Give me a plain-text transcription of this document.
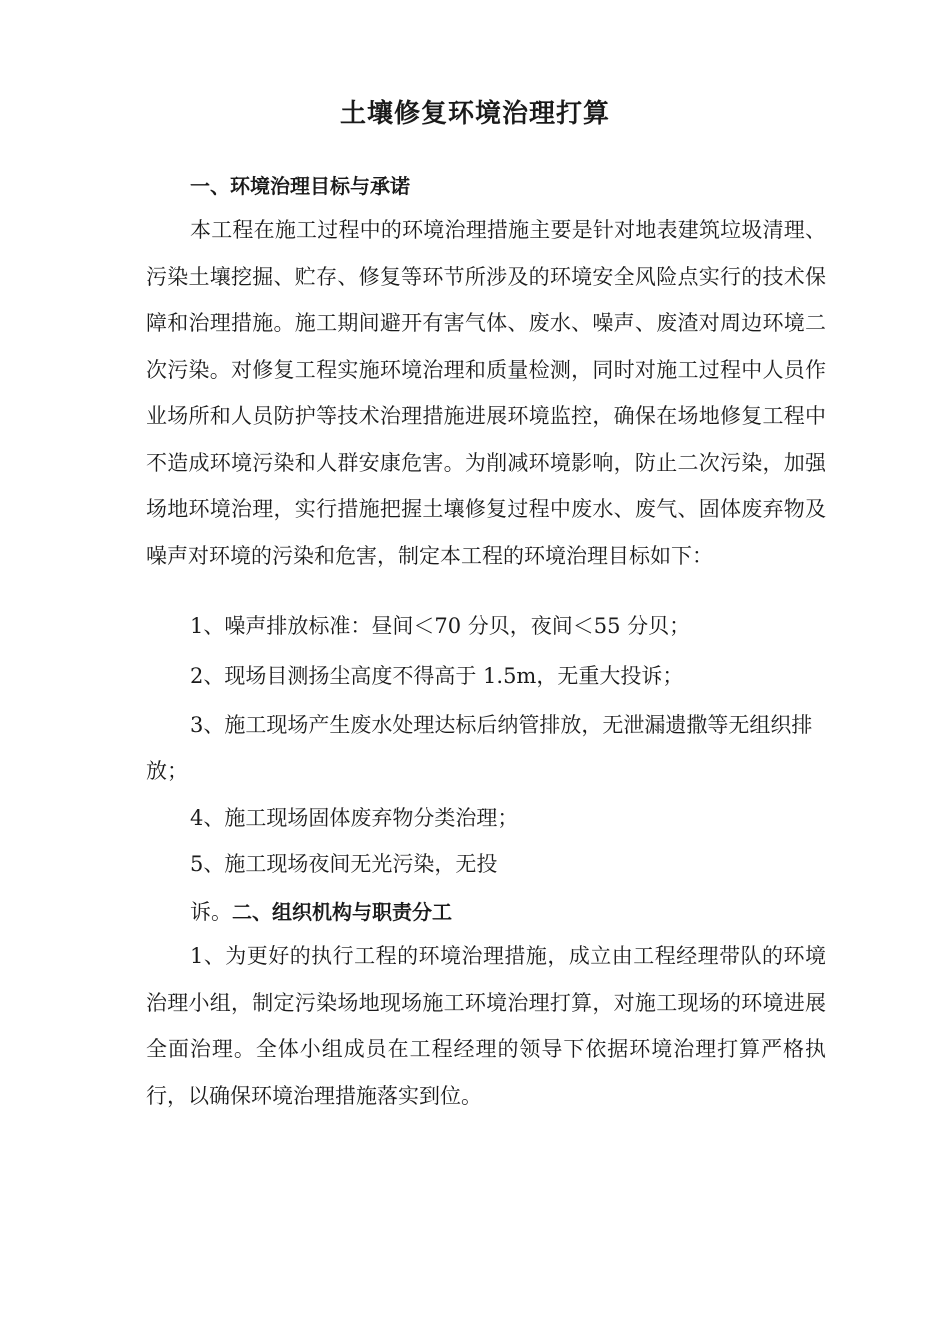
土壤修复环境治理打算
一、环境治理目标与承诺

本工程在施工过程中的环境治理措施主要是针对地表建筑垃圾清理、污染土壤挖掘、贮存、修复等环节所涉及的环境安全风险点实行的技术保障和治理措施。施工期间避开有害气体、废水、噪声、废渣对周边环境二次污染。对修复工程实施环境治理和质量检测，同时对施工过程中人员作业场所和人员防护等技术治理措施进展环境监控，确保在场地修复工程中不造成环境污染和人群安康危害。为削减环境影响，防止二次污染，加强场地环境治理，实行措施把握土壤修复过程中废水、废气、固体废弃物及噪声对环境的污染和危害，制定本工程的环境治理目标如下：

1、噪声排放标准：昼间＜70 分贝，夜间＜55 分贝；

2、现场目测扬尘高度不得高于 1.5m，无重大投诉；

3、施工现场产生废水处理达标后纳管排放，无泄漏遗撒等无组织排放；

4、施工现场固体废弃物分类治理；

5、施工现场夜间无光污染，无投

诉。二、组织机构与职责分工

1、为更好的执行工程的环境治理措施，成立由工程经理带队的环境治理小组，制定污染场地现场施工环境治理打算，对施工现场的环境进展全面治理。全体小组成员在工程经理的领导下依据环境治理打算严格执行，以确保环境治理措施落实到位。
